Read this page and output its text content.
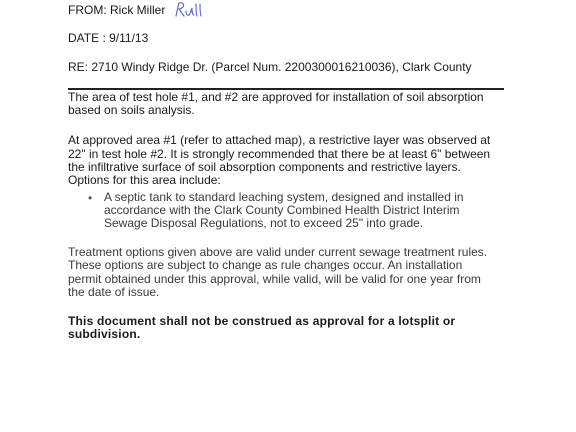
FROM: Rick Miller
DATE : 9/11/13
RE: 2710 Windy Ridge Dr. (Parcel Num. 2200300016210036), Clark County
The area of test hole #1, and #2 are approved for installation of soil absorption
based on soils analysis.
At approved area #1 (refer to attached map), a restrictive layer was observed at
22" in test hole #2. It is strongly recommended that there be at least 6" between
the infiltrative surface of soil absorption components and restrictive layers.
Options for this area include:
• A septic tank to standard leaching system, designed and installed in
accordance with the Clark County Combined Health District Interim
Sewage Disposal Regulations, not to exceed 25" into grade.
Treatment options given above are valid under current sewage treatment rules.
These options are subject to change as rule changes occur. An installation
permit obtained under this approval, while valid, will be valid for one year from
the date of issue.
This document shall not be construed as approval for a lotsplit or
subdivision.
